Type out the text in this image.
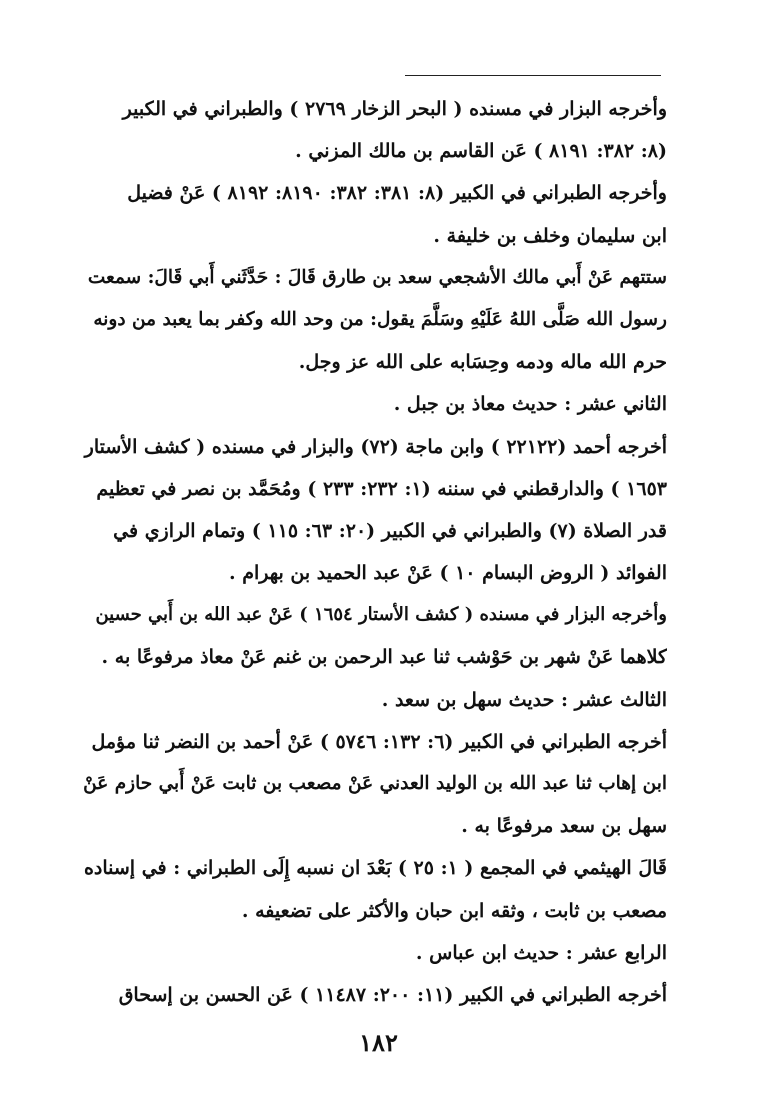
وأخرجه البزار في مسنده ( البحر الزخار ٢٧٦٩ ) والطبراني في الكبير
(٨: ٣٨٢: ٨١٩١ ) عَن القاسم بن مالك المزني .
وأخرجه الطبراني في الكبير (٨: ٣٨١: ٣٨٢: ٨١٩٠: ٨١٩٢ ) عَنْ فضيل
ابن سليمان وخلف بن خليفة .
ستتهم عَنْ أَبي مالك الأشجعي سعد بن طارق قَالَ : حَدَّثَني أَبي قَالَ: سمعت
رسول الله صَلَّى اللهُ عَلَيْهِ وسَلَّمَ يقول: من وحد الله وكفر بما يعبد من دونه
حرم الله ماله ودمه وحِسَابه على الله عز وجل.
الثاني عشر : حديث معاذ بن جبل .
أخرجه أحمد (٢٢١٢٢ ) وابن ماجة (٧٢) والبزار في مسنده ( كشف الأستار
١٦٥٣ ) والدارقطني في سننه (١: ٢٣٢: ٢٣٣ ) ومُحَمَّد بن نصر في تعظيم
قدر الصلاة (٧) والطبراني في الكبير (٢٠: ٦٣: ١١٥ ) وتمام الرازي في
الفوائد ( الروض البسام ١٠ ) عَنْ عبد الحميد بن بهرام .
وأخرجه البزار في مسنده ( كشف الأستار ١٦٥٤ ) عَنْ عبد الله بن أَبي حسين
كلاهما عَنْ شهر بن حَوْشب ثنا عبد الرحمن بن غنم عَنْ معاذ مرفوعًا به .
الثالث عشر : حديث سهل بن سعد .
أخرجه الطبراني في الكبير (٦: ١٣٢: ٥٧٤٦ ) عَنْ أحمد بن النضر ثنا مؤمل
ابن إهاب ثنا عبد الله بن الوليد العدني عَنْ مصعب بن ثابت عَنْ أَبي حازم عَنْ
سهل بن سعد مرفوعًا به .
قَالَ الهيثمي في المجمع ( ١: ٢٥ ) بَعْدَ ان نسبه إِلَى الطبراني : في إسناده
مصعب بن ثابت ، وثقه ابن حبان والأكثر على تضعيفه .
الرابع عشر : حديث ابن عباس .
أخرجه الطبراني في الكبير (١١: ٢٠٠: ١١٤٨٧ ) عَن الحسن بن إسحاق
١٨٢
